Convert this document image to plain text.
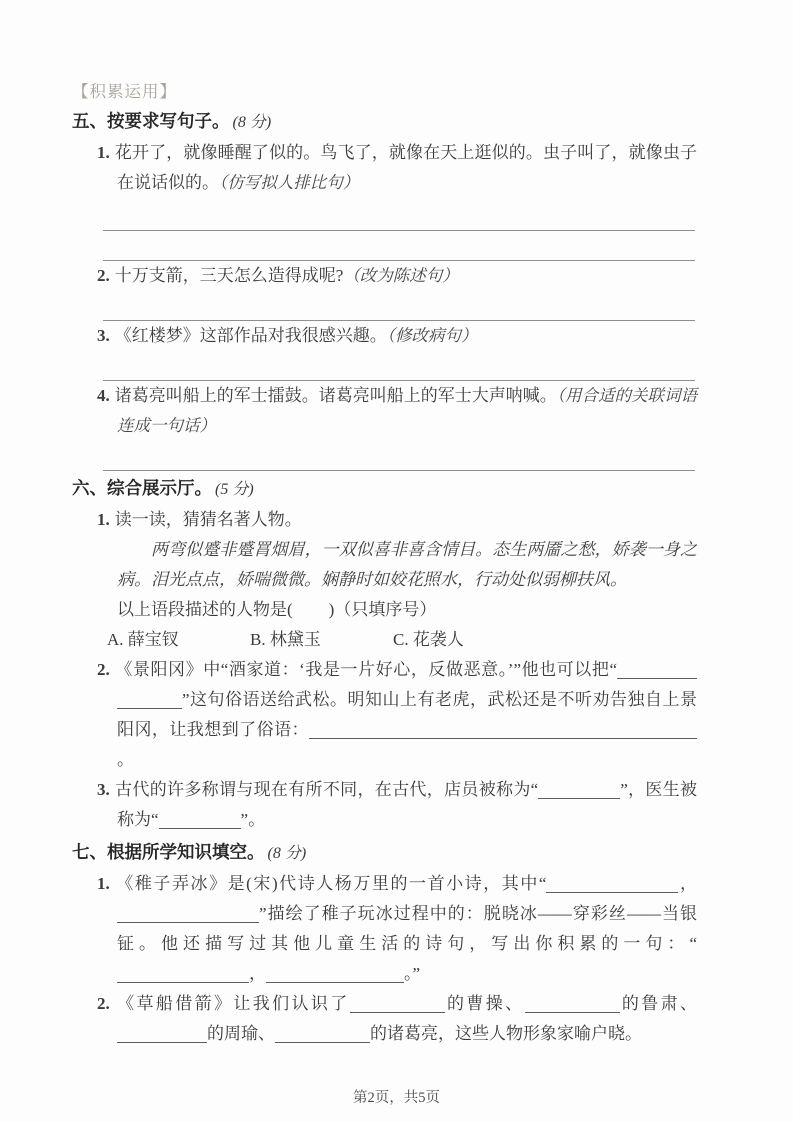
【积累运用】
五、按要求写句子。 (8 分)
1. 花开了，就像睡醒了似的。鸟飞了，就像在天上逛似的。虫子叫了，就像虫子在说话似的。（仿写拟人排比句）
2. 十万支箭，三天怎么造得成呢?（改为陈述句）
3. 《红楼梦》这部作品对我很感兴趣。（修改病句）
4. 诸葛亮叫船上的军士擂鼓。诸葛亮叫船上的军士大声呐喊。（用合适的关联词语连成一句话）
六、综合展示厅。 (5 分)
1. 读一读，猜猜名著人物。
两弯似蹙非蹙罥烟眉，一双似喜非喜含情目。态生两靥之愁，娇袭一身之病。泪光点点，娇喘微微。娴静时如姣花照水，行动处似弱柳扶风。
以上语段描述的人物是( )（只填序号）
A. 薛宝钗	B. 林黛玉	C. 花袭人
2. 《景阳冈》中“酒家道：‘我是一片好心，反做恶意。’”他也可以把“”这句俗语送给武松。明知山上有老虎，武松还是不听劝告独自上景阳冈，让我想到了俗语：。
3. 古代的许多称谓与现在有所不同，在古代，店员被称为“	”，医生被称为“	”。
七、根据所学知识填空。 (8 分)
1. 《稚子弄冰》是(宋)代诗人杨万里的一首小诗，其中“	，”描绘了稚子玩冰过程中的：脱晓冰——穿彩丝——当银钲。他还描写过其他儿童生活的诗句，写出你积累的一句：“，	。”
2. 《草船借箭》让我们认识了	的曹操、	的鲁肃、的周瑜、	的诸葛亮，这些人物形象家喻户晓。
第2页，共5页
